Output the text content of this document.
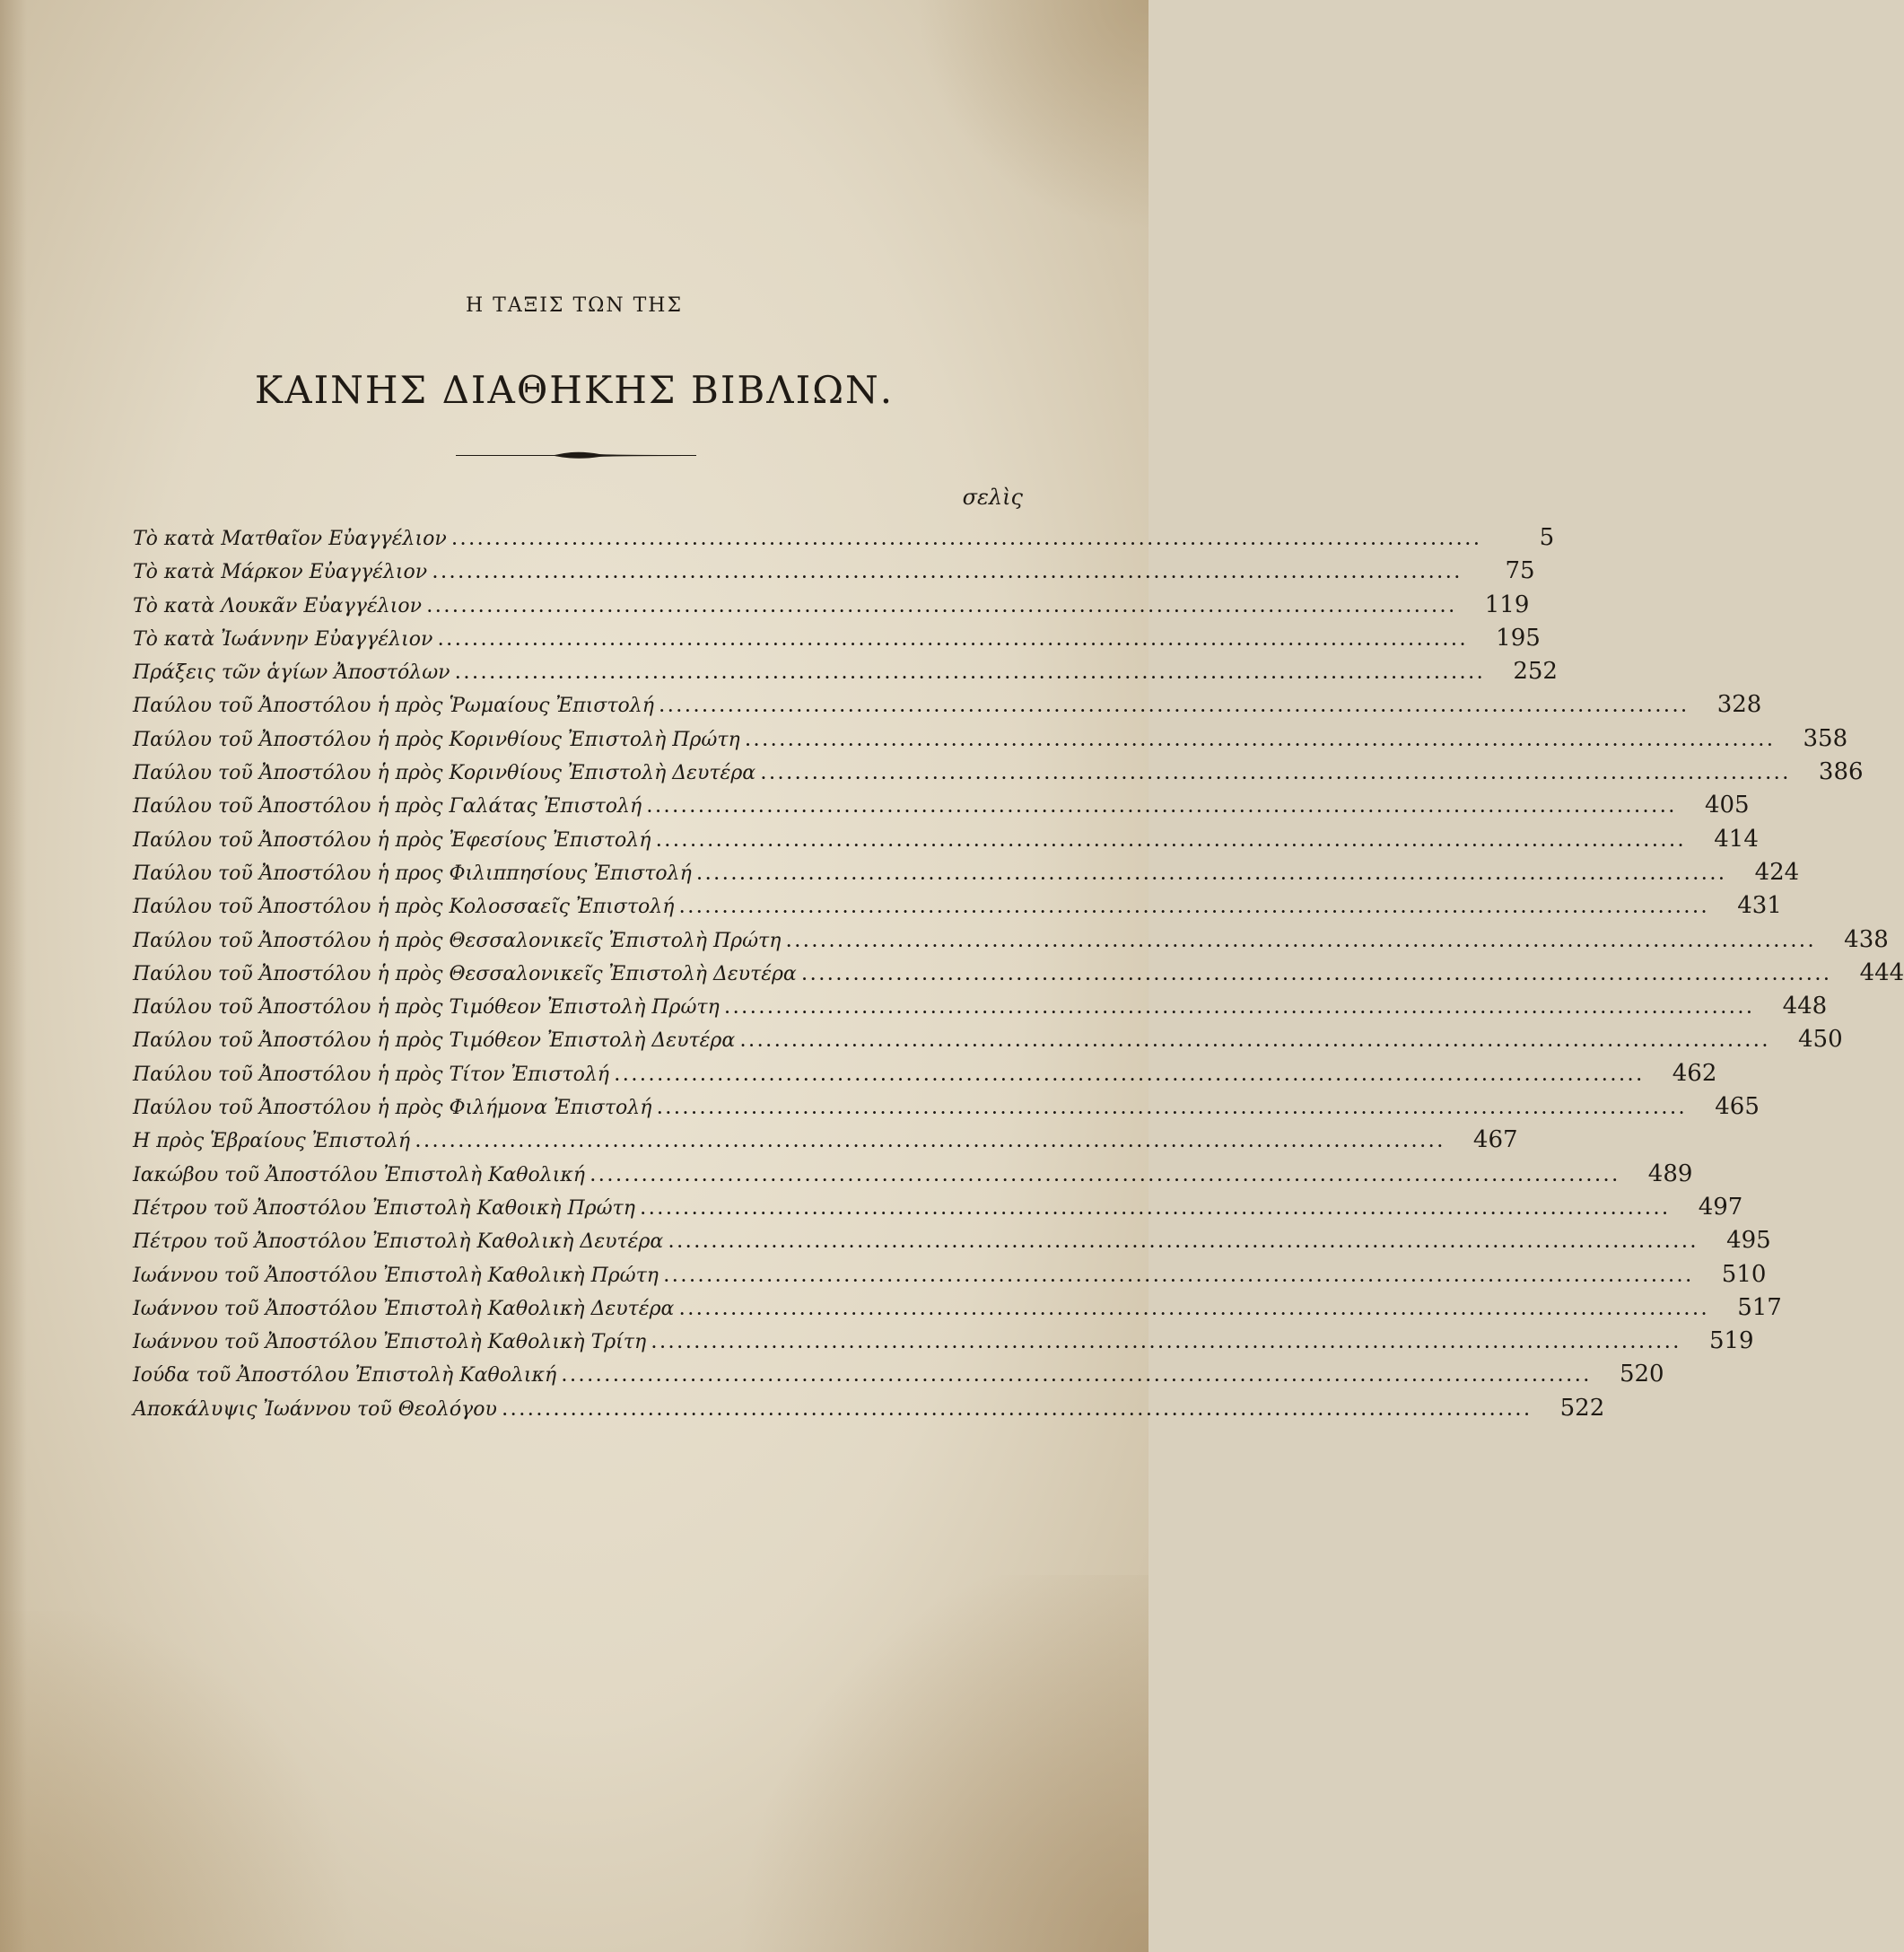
Η ΤΑΞΙΣ ΤΩΝ ΤΗΣ
ΚΑΙΝΗΣ ΔΙΑΘΗΚΗΣ ΒΙΒΛΙΩΝ.
σελὶς
Τὸ κατὰ Ματθαῖον Εὐαγγέλιον ........................................................................................................................	5
Τὸ κατὰ Μάρκον Εὐαγγέλιον ........................................................................................................................	75
Τὸ κατὰ Λουκᾶν Εὐαγγέλιον ........................................................................................................................	119
Τὸ κατὰ Ἰωάννην Εὐαγγέλιον ........................................................................................................................	195
Πράξεις τῶν ἁγίων Ἀποστόλων ........................................................................................................................	252
Παύλου τοῦ Ἀποστόλου ἡ πρὸς Ῥωμαίους Ἐπιστολή ........................................................................................................................	328
Παύλου τοῦ Ἀποστόλου ἡ πρὸς Κορινθίους Ἐπιστολὴ Πρώτη ........................................................................................................................	358
Παύλου τοῦ Ἀποστόλου ἡ πρὸς Κορινθίους Ἐπιστολὴ Δευτέρα ........................................................................................................................	386
Παύλου τοῦ Ἀποστόλου ἡ πρὸς Γαλάτας Ἐπιστολή ........................................................................................................................	405
Παύλου τοῦ Ἀποστόλου ἡ πρὸς Ἐφεσίους Ἐπιστολή ........................................................................................................................	414
Παύλου τοῦ Ἀποστόλου ἡ προς Φιλιππησίους Ἐπιστολή ........................................................................................................................	424
Παύλου τοῦ Ἀποστόλου ἡ πρὸς Κολοσσαεῖς Ἐπιστολή ........................................................................................................................	431
Παύλου τοῦ Ἀποστόλου ἡ πρὸς Θεσσαλονικεῖς Ἐπιστολὴ Πρώτη ........................................................................................................................	438
Παύλου τοῦ Ἀποστόλου ἡ πρὸς Θεσσαλονικεῖς Ἐπιστολὴ Δευτέρα ........................................................................................................................	444
Παύλου τοῦ Ἀποστόλου ἡ πρὸς Τιμόθεον Ἐπιστολὴ Πρώτη ........................................................................................................................	448
Παύλου τοῦ Ἀποστόλου ἡ πρὸς Τιμόθεον Ἐπιστολὴ Δευτέρα ........................................................................................................................	450
Παύλου τοῦ Ἀποστόλου ἡ πρὸς Τίτον Ἐπιστολή ........................................................................................................................	462
Παύλου τοῦ Ἀποστόλου ἡ πρὸς Φιλήμονα Ἐπιστολή ........................................................................................................................	465
Η πρὸς Ἑβραίους Ἐπιστολή ........................................................................................................................	467
Ιακώβου τοῦ Ἀποστόλου Ἐπιστολὴ Καθολική ........................................................................................................................	489
Πέτρου τοῦ Ἀποστόλου Ἐπιστολὴ Καθοικὴ Πρώτη ........................................................................................................................	497
Πέτρου τοῦ Ἀποστόλου Ἐπιστολὴ Καθολικὴ Δευτέρα ........................................................................................................................	495
Ιωάννου τοῦ Ἀποστόλου Ἐπιστολὴ Καθολικὴ Πρώτη ........................................................................................................................	510
Ιωάννου τοῦ Ἀποστόλου Ἐπιστολὴ Καθολικὴ Δευτέρα ........................................................................................................................	517
Ιωάννου τοῦ Ἀποστόλου Ἐπιστολὴ Καθολικὴ Τρίτη ........................................................................................................................	519
Ιούδα τοῦ Ἀποστόλου Ἐπιστολὴ Καθολική ........................................................................................................................	520
Αποκάλυψις Ἰωάννου τοῦ Θεολόγου ........................................................................................................................	522
